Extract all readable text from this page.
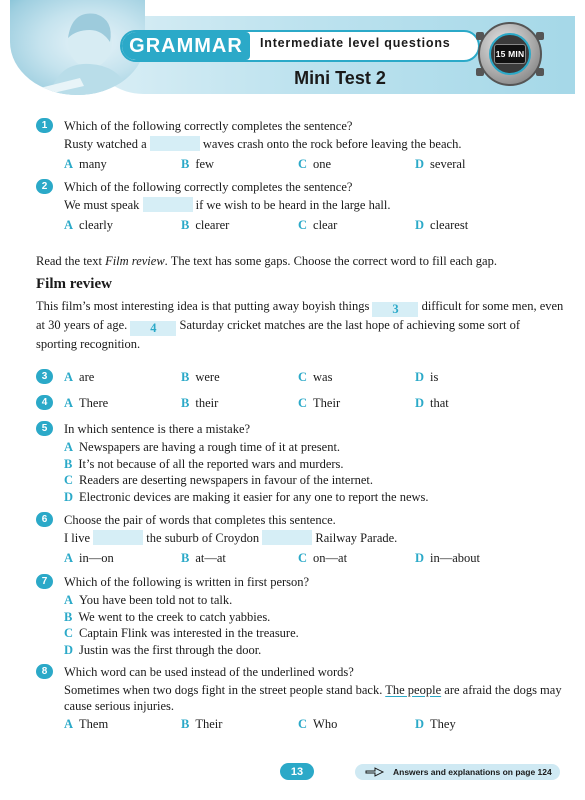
GRAMMAR	Intermediate level questions
Mini Test 2
15 MIN
1	Which of the following correctly completes the sentence?
Rusty watched a	waves crash onto the rock before leaving the beach.
A many	B few	C one	D several
2	Which of the following correctly completes the sentence?
We must speak	if we wish to be heard in the large hall.
A clearly	B clearer	C clear	D clearest
Read the text Film review. The text has some gaps. Choose the correct word to fill each gap.
Film review
This film’s most interesting idea is that putting away boyish things 3 difficult for some men, even at 30 years of age. 4 Saturday cricket matches are the last hope of achieving some sort of sporting recognition.
3	A are	B were	C was	D is
4	A There	B their	C Their	D that
5	In which sentence is there a mistake?
A Newspapers are having a rough time of it at present.
B It’s not because of all the reported wars and murders.
C Readers are deserting newspapers in favour of the internet.
D Electronic devices are making it easier for any one to report the news.
6	Choose the pair of words that completes this sentence.
I live	the suburb of Croydon	Railway Parade.
A in—on	B at—at	C on—at	D in—about
7	Which of the following is written in first person?
A You have been told not to talk.
B We went to the creek to catch yabbies.
C Captain Flink was interested in the treasure.
D Justin was the first through the door.
8	Which word can be used instead of the underlined words?
Sometimes when two dogs fight in the street people stand back. The people are afraid the dogs may
cause serious injuries.
A Them	B Their	C Who	D They
13	Answers and explanations on page 124
